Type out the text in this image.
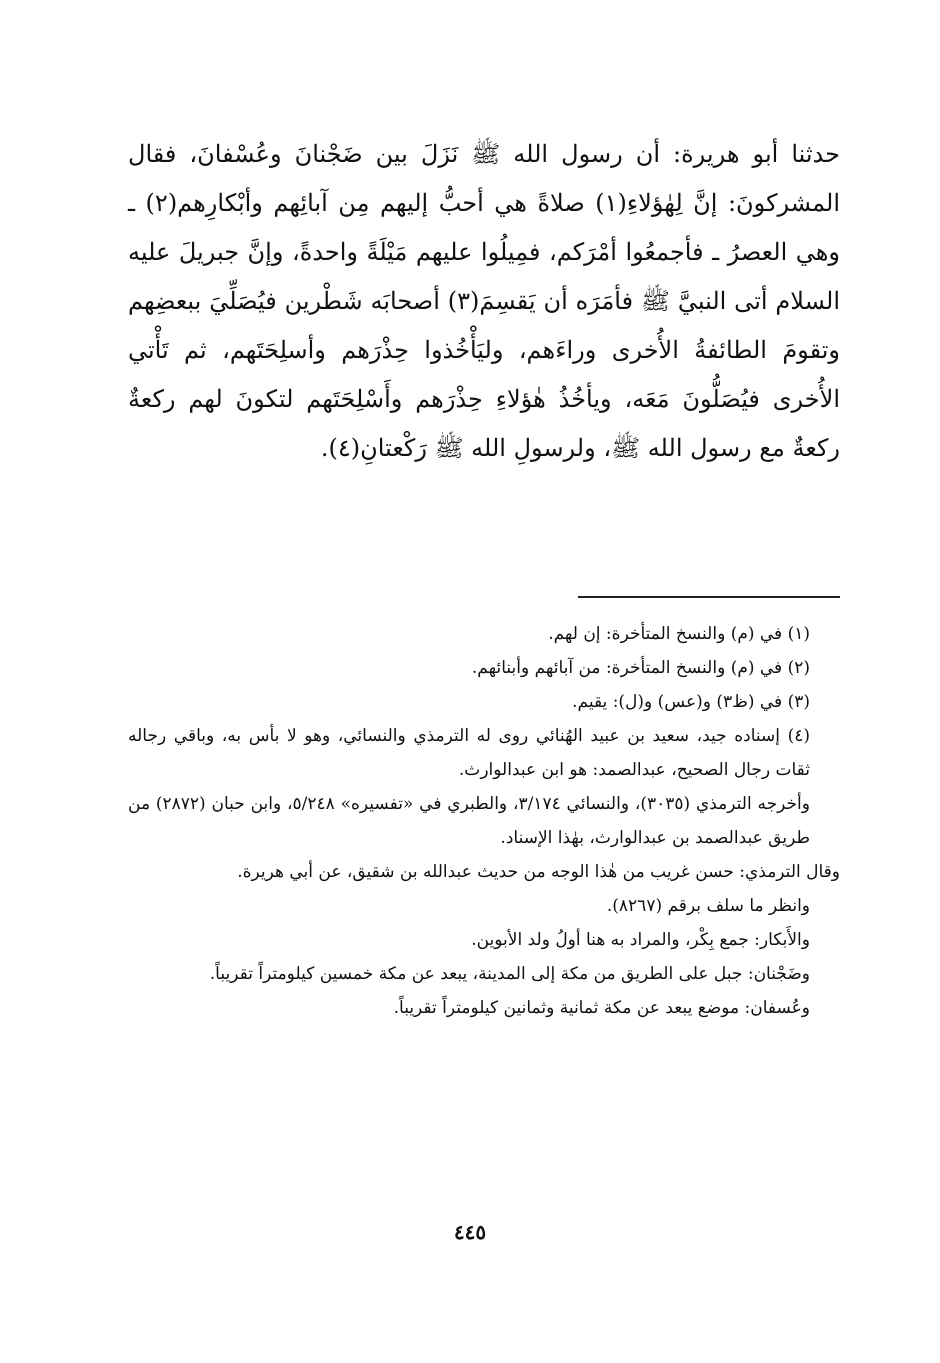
حدثنا أبو هريرة: أن رسول الله ﷺ نَزَلَ بين ضَجْنانَ وعُسْفانَ، فقال المشركونَ: إنَّ لِهٰؤلاءِ(١) صلاةً هي أحبُّ إليهم مِن آبائِهم وأبْكارِهم(٢) ـ وهي العصرُ ـ فأجمعُوا أمْرَكم، فمِيلُوا عليهم مَيْلَةً واحدةً، وإنَّ جبريلَ عليه السلام أتى النبيَّ ﷺ فأمَرَه أن يَقسِمَ(٣) أصحابَه شَطْرين فيُصَلِّيَ ببعضِهم وتقومَ الطائفةُ الأُخرى وراءَهم، وليَأْخُذوا حِذْرَهم وأسلِحَتَهم، ثم تَأْتي الأُخرى فيُصَلُّونَ مَعَه، ويأخُذُ هٰؤلاءِ حِذْرَهم وأَسْلِحَتَهم لتكونَ لهم ركعةٌ ركعةٌ مع رسول الله ﷺ، ولرسولِ الله ﷺ رَكْعتانِ(٤).

(١) في (م) والنسخ المتأخرة: إن لهم.

(٢) في (م) والنسخ المتأخرة: من آبائهم وأبنائهم.

(٣) في (ظ٣) و(عس) و(ل): يقيم.

(٤) إسناده جيد، سعيد بن عبيد الهُنائي روى له الترمذي والنسائي، وهو لا بأس به، وباقي رجاله ثقات رجال الصحيح، عبدالصمد: هو ابن عبدالوارث.

وأخرجه الترمذي (٣٠٣٥)، والنسائي ٣/١٧٤، والطبري في «تفسيره» ٥/٢٤٨، وابن حبان (٢٨٧٢) من طريق عبدالصمد بن عبدالوارث، بهٰذا الإسناد.

وقال الترمذي: حسن غريب من هٰذا الوجه من حديث عبدالله بن شقيق، عن أبي هريرة.

وانظر ما سلف برقم (٨٢٦٧).

والأَبكار: جمع بِكْر، والمراد به هنا أولُ ولد الأبوين.

وضَجْنان: جبل على الطريق من مكة إلى المدينة، يبعد عن مكة خمسين كيلومتراً تقريباً.

وعُسفان: موضع يبعد عن مكة ثمانية وثمانين كيلومتراً تقريباً.

٤٤٥
